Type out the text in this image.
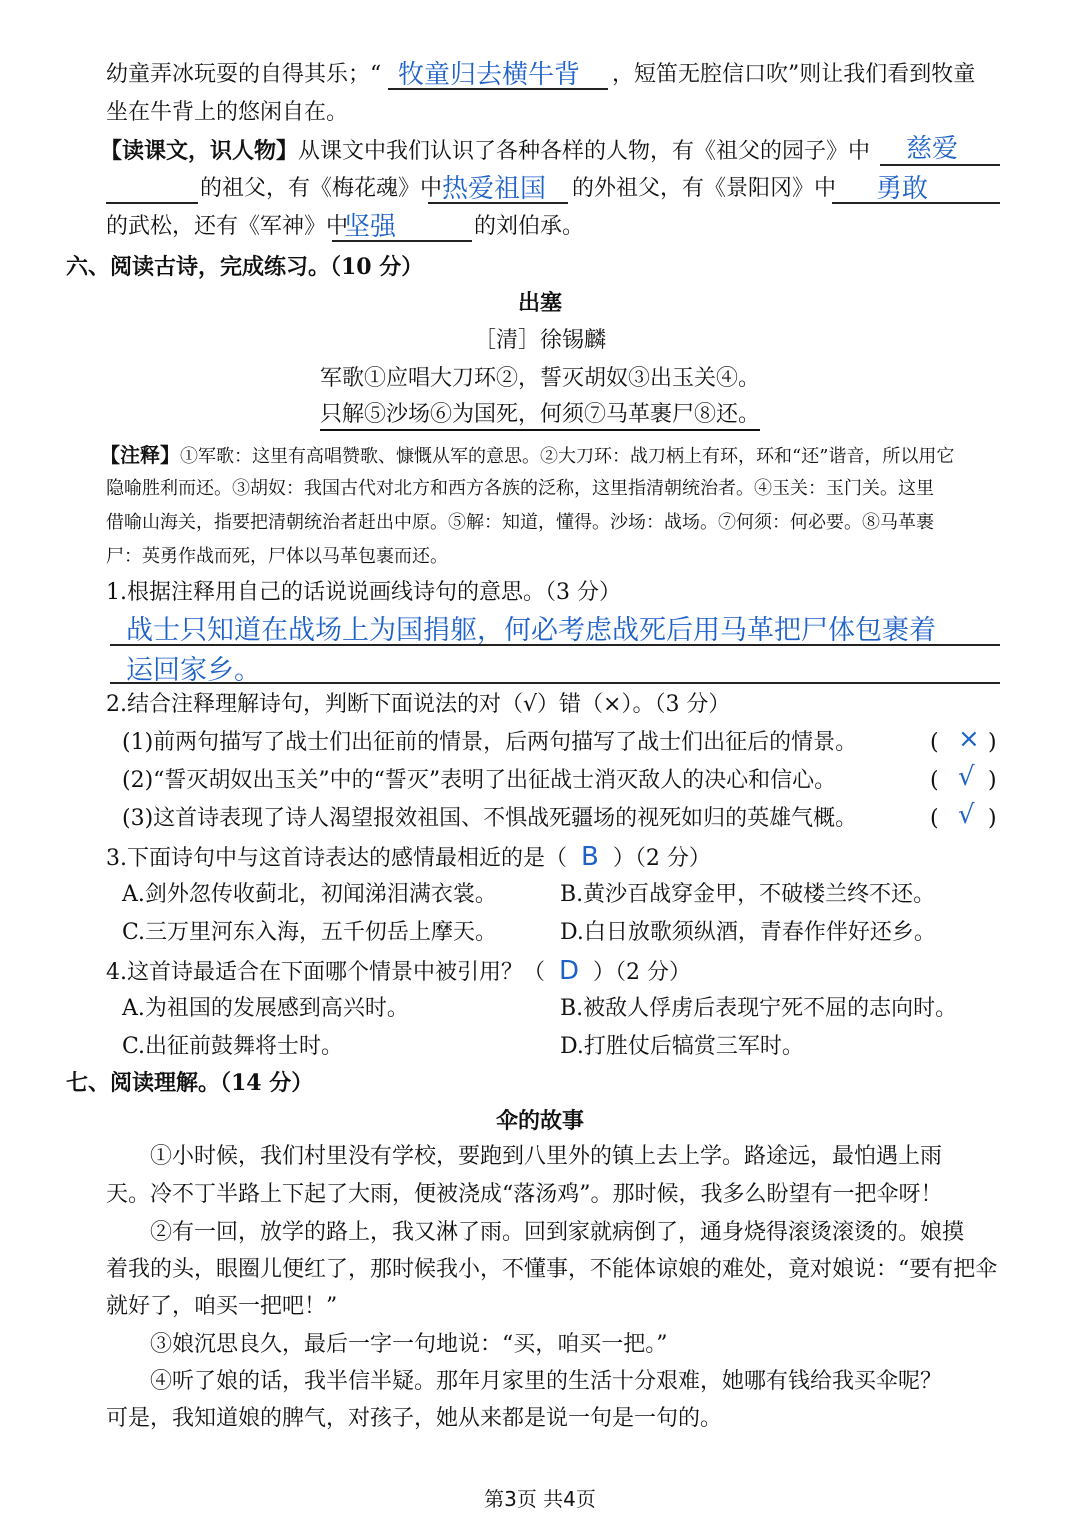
幼童弄冰玩耍的自得其乐；“ 牧童归去横牛背 ，短笛无腔信口吹”则让我们看到牧童
坐在牛背上的悠闲自在。
【读课文，识人物】从课文中我们认识了各种各样的人物，有《祖父的园子》中 慈爱
的祖父，有《梅花魂》中 热爱祖国 的外祖父，有《景阳冈》中 勇敢
的武松，还有《军神》中
坚强	的刘伯承。
六、阅读古诗，完成练习。（10 分）
出塞
［清］徐锡麟
军歌①应唱大刀环②，誓灭胡奴③出玉关④。
只解⑤沙场⑥为国死，何须⑦马革裹尸⑧还。
【注释】①军歌：这里有高唱赞歌、慷慨从军的意思。②大刀环：战刀柄上有环，环和“还”谐音，所以用它
隐喻胜利而还。③胡奴：我国古代对北方和西方各族的泛称，这里指清朝统治者。④玉关：玉门关。这里
借喻山海关，指要把清朝统治者赶出中原。⑤解：知道，懂得。沙场：战场。⑦何须：何必要。⑧马革裹
尸：英勇作战而死，尸体以马革包裹而还。
1.根据注释用自己的话说说画线诗句的意思。（3 分）
战士只知道在战场上为国捐躯，何必考虑战死后用马革把尸体包裹着
运回家乡。
2.结合注释理解诗句，判断下面说法的对（√）错（×）。（3 分）
(1)前两句描写了战士们出征前的情景，后两句描写了战士们出征后的情景。	( × )
(2)“誓灭胡奴出玉关”中的“誓灭”表明了出征战士消灭敌人的决心和信心。	( √ )
(3)这首诗表现了诗人渴望报效祖国、不惧战死疆场的视死如归的英雄气概。	( √ )
3.下面诗句中与这首诗表达的感情最相近的是（ B ）（2 分）
A.剑外忽传收蓟北，初闻涕泪满衣裳。	B.黄沙百战穿金甲，不破楼兰终不还。
C.三万里河东入海，五千仞岳上摩天。	D.白日放歌须纵酒，青春作伴好还乡。
4.这首诗最适合在下面哪个情景中被引用？（ D ）（2 分）
A.为祖国的发展感到高兴时。	B.被敌人俘虏后表现宁死不屈的志向时。
C.出征前鼓舞将士时。	D.打胜仗后犒赏三军时。
七、阅读理解。（14 分）
伞的故事
①小时候，我们村里没有学校，要跑到八里外的镇上去上学。路途远，最怕遇上雨
天。冷不丁半路上下起了大雨，便被浇成“落汤鸡”。那时候，我多么盼望有一把伞呀！
②有一回，放学的路上，我又淋了雨。回到家就病倒了，通身烧得滚烫滚烫的。娘摸
着我的头，眼圈儿便红了，那时候我小，不懂事，不能体谅娘的难处，竟对娘说：“要有把伞
就好了，咱买一把吧！”
③娘沉思良久，最后一字一句地说：“买，咱买一把。”
④听了娘的话，我半信半疑。那年月家里的生活十分艰难，她哪有钱给我买伞呢？
可是，我知道娘的脾气，对孩子，她从来都是说一句是一句的。
第3页 共4页
